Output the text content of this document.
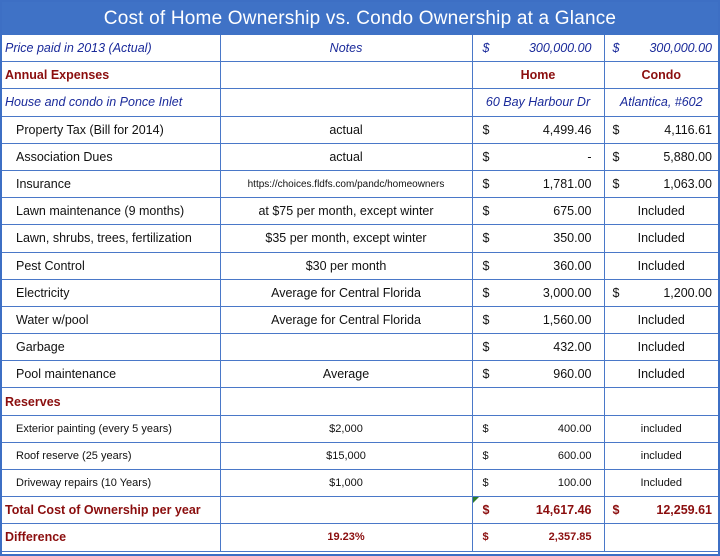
Cost of Home Ownership vs. Condo Ownership at a Glance
Price paid in 2013 (Actual)	Notes	$ 300,000.00	$ 300,000.00

Annual Expenses		Home	Condo
House and condo in Ponce Inlet		60 Bay Harbour Dr	Atlantica, #602
Property Tax (Bill for 2014)	actual	$ 4,499.46	$ 4,116.61

Association Dues	actual	$ -	$ 5,880.00

Insurance	https://choices.fldfs.com/pandc/homeowners	$ 1,781.00	$ 1,063.00

Lawn maintenance (9 months)	at $75 per month, except winter	$ 675.00	Included
Lawn, shrubs, trees, fertilization	$35 per month, except winter	$ 350.00	Included
Pest Control	$30 per month	$ 360.00	Included
Electricity	Average for Central Florida	$ 3,000.00	$ 1,200.00

Water w/pool	Average for Central Florida	$ 1,560.00	Included
Garbage		$ 432.00	Included
Pool maintenance	Average	$ 960.00	Included
Reserves			
Exterior painting (every 5 years)	$2,000	$ 400.00	included
Roof reserve (25 years)	$15,000	$ 600.00	included
Driveway repairs (10 Years)	$1,000	$ 100.00	Included
Total Cost of Ownership per year		$ 14,617.46	$ 12,259.61

Difference	19.23%	$ 2,357.85	
